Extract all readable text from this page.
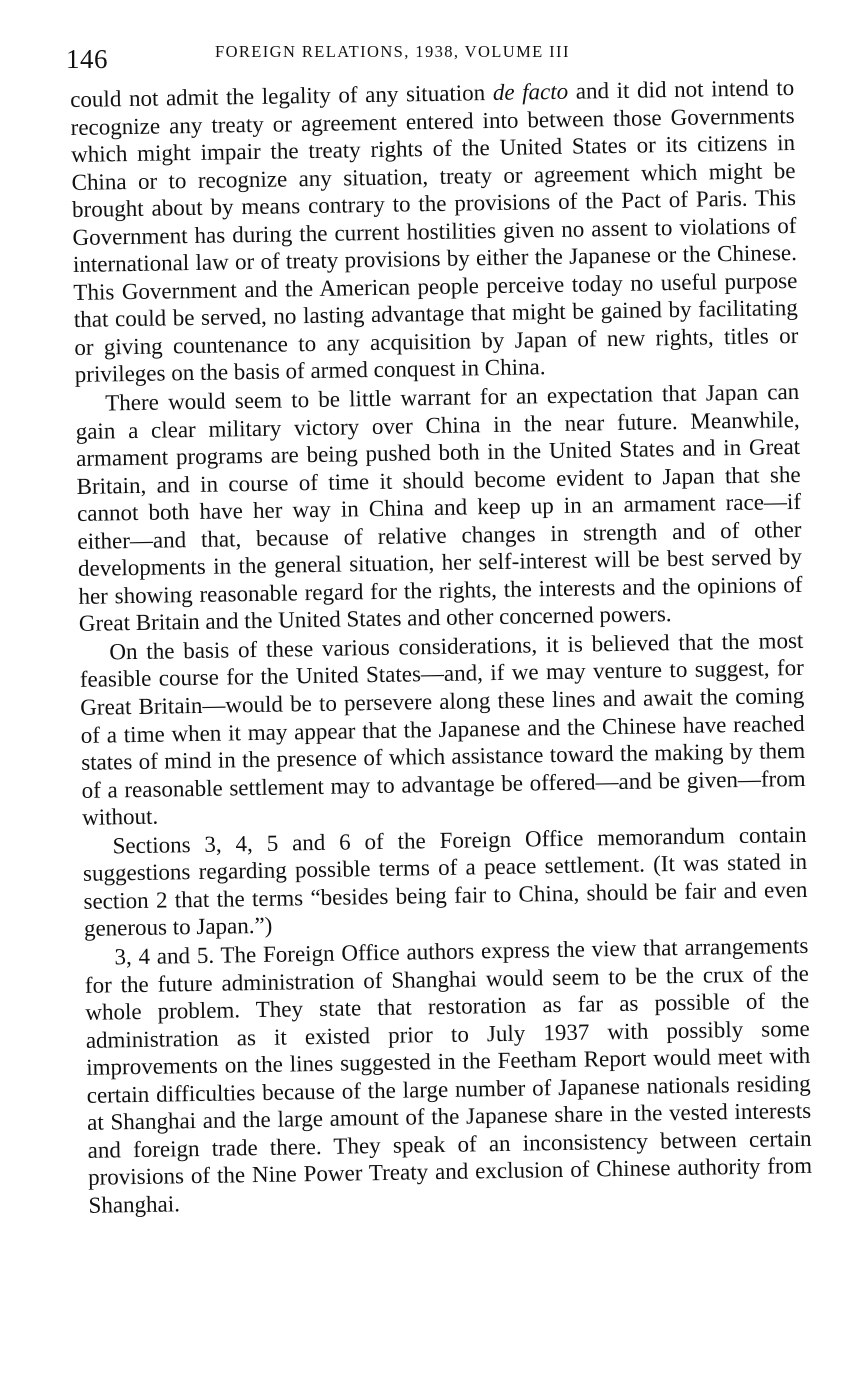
146	FOREIGN RELATIONS, 1938, VOLUME III

could not admit the legality of any situation de facto and it did not intend to recognize any treaty or agreement entered into between those Governments which might impair the treaty rights of the United States or its citizens in China or to recognize any situation, treaty or agreement which might be brought about by means contrary to the provisions of the Pact of Paris. This Government has during the current hostilities given no assent to violations of international law or of treaty provisions by either the Japanese or the Chinese. This Government and the American people perceive today no useful purpose that could be served, no lasting advantage that might be gained by facilitating or giving countenance to any acquisition by Japan of new rights, titles or privileges on the basis of armed conquest in China.

There would seem to be little warrant for an expectation that Japan can gain a clear military victory over China in the near future. Meanwhile, armament programs are being pushed both in the United States and in Great Britain, and in course of time it should become evident to Japan that she cannot both have her way in China and keep up in an armament race—if either—and that, because of relative changes in strength and of other developments in the general situation, her self-interest will be best served by her showing reasonable regard for the rights, the interests and the opinions of Great Britain and the United States and other concerned powers.

On the basis of these various considerations, it is believed that the most feasible course for the United States—and, if we may venture to suggest, for Great Britain—would be to persevere along these lines and await the coming of a time when it may appear that the Japanese and the Chinese have reached states of mind in the presence of which assistance toward the making by them of a reasonable settlement may to advantage be offered—and be given—from without.

Sections 3, 4, 5 and 6 of the Foreign Office memorandum contain suggestions regarding possible terms of a peace settlement. (It was stated in section 2 that the terms “besides being fair to China, should be fair and even generous to Japan.”)

3, 4 and 5. The Foreign Office authors express the view that arrangements for the future administration of Shanghai would seem to be the crux of the whole problem. They state that restoration as far as possible of the administration as it existed prior to July 1937 with possibly some improvements on the lines suggested in the Feetham Report would meet with certain difficulties because of the large number of Japanese nationals residing at Shanghai and the large amount of the Japanese share in the vested interests and foreign trade there. They speak of an inconsistency between certain provisions of the Nine Power Treaty and exclusion of Chinese authority from Shanghai.
